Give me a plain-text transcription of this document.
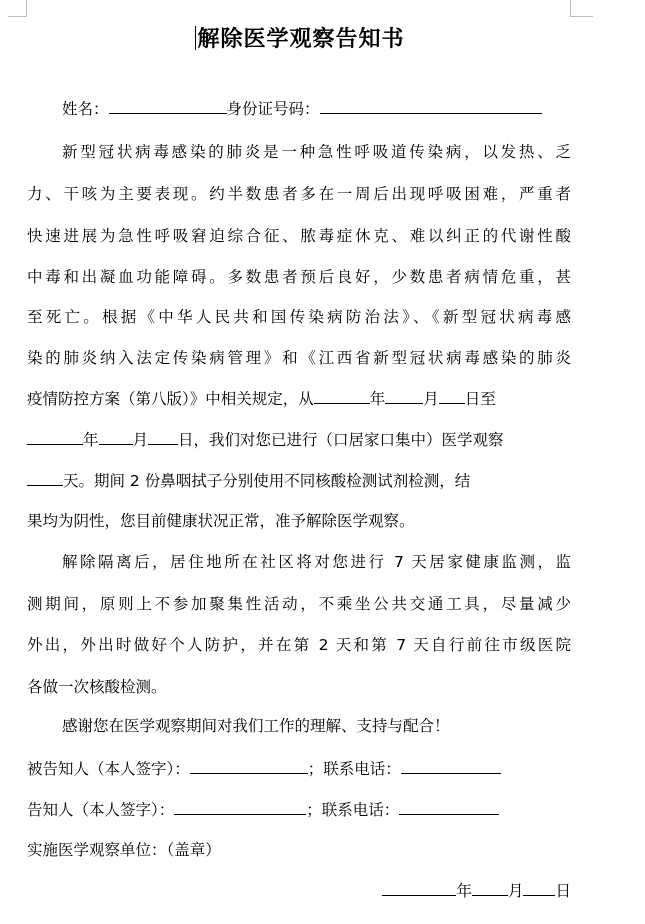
解除医学观察告知书
姓名：	身份证号码：
新型冠状病毒感染的肺炎是一种急性呼吸道传染病，以发热、乏
力、干咳为主要表现。约半数患者多在一周后出现呼吸困难，严重者
快速进展为急性呼吸窘迫综合征、脓毒症休克、难以纠正的代谢性酸
中毒和出凝血功能障碍。多数患者预后良好，少数患者病情危重，甚
至死亡。根据《中华人民共和国传染病防治法》、《新型冠状病毒感
染的肺炎纳入法定传染病管理》和《江西省新型冠状病毒感染的肺炎
疫情防控方案（第八版）》中相关规定，从	年 月 日至
年 月 日，我们对您已进行（口居家口集中）医学观察
天。期间 2 份鼻咽拭子分别使用不同核酸检测试剂检测，结
果均为阴性，您目前健康状况正常，准予解除医学观察。
解除隔离后，居住地所在社区将对您进行 7 天居家健康监测，监
测期间，原则上不参加聚集性活动，不乘坐公共交通工具，尽量减少
外出，外出时做好个人防护，并在第 2 天和第 7 天自行前往市级医院
各做一次核酸检测。
感谢您在医学观察期间对我们工作的理解、支持与配合！
被告知人（本人签字）：	；联系电话：
告知人（本人签字）：	；联系电话：
实施医学观察单位：（盖章）
年 月 日
